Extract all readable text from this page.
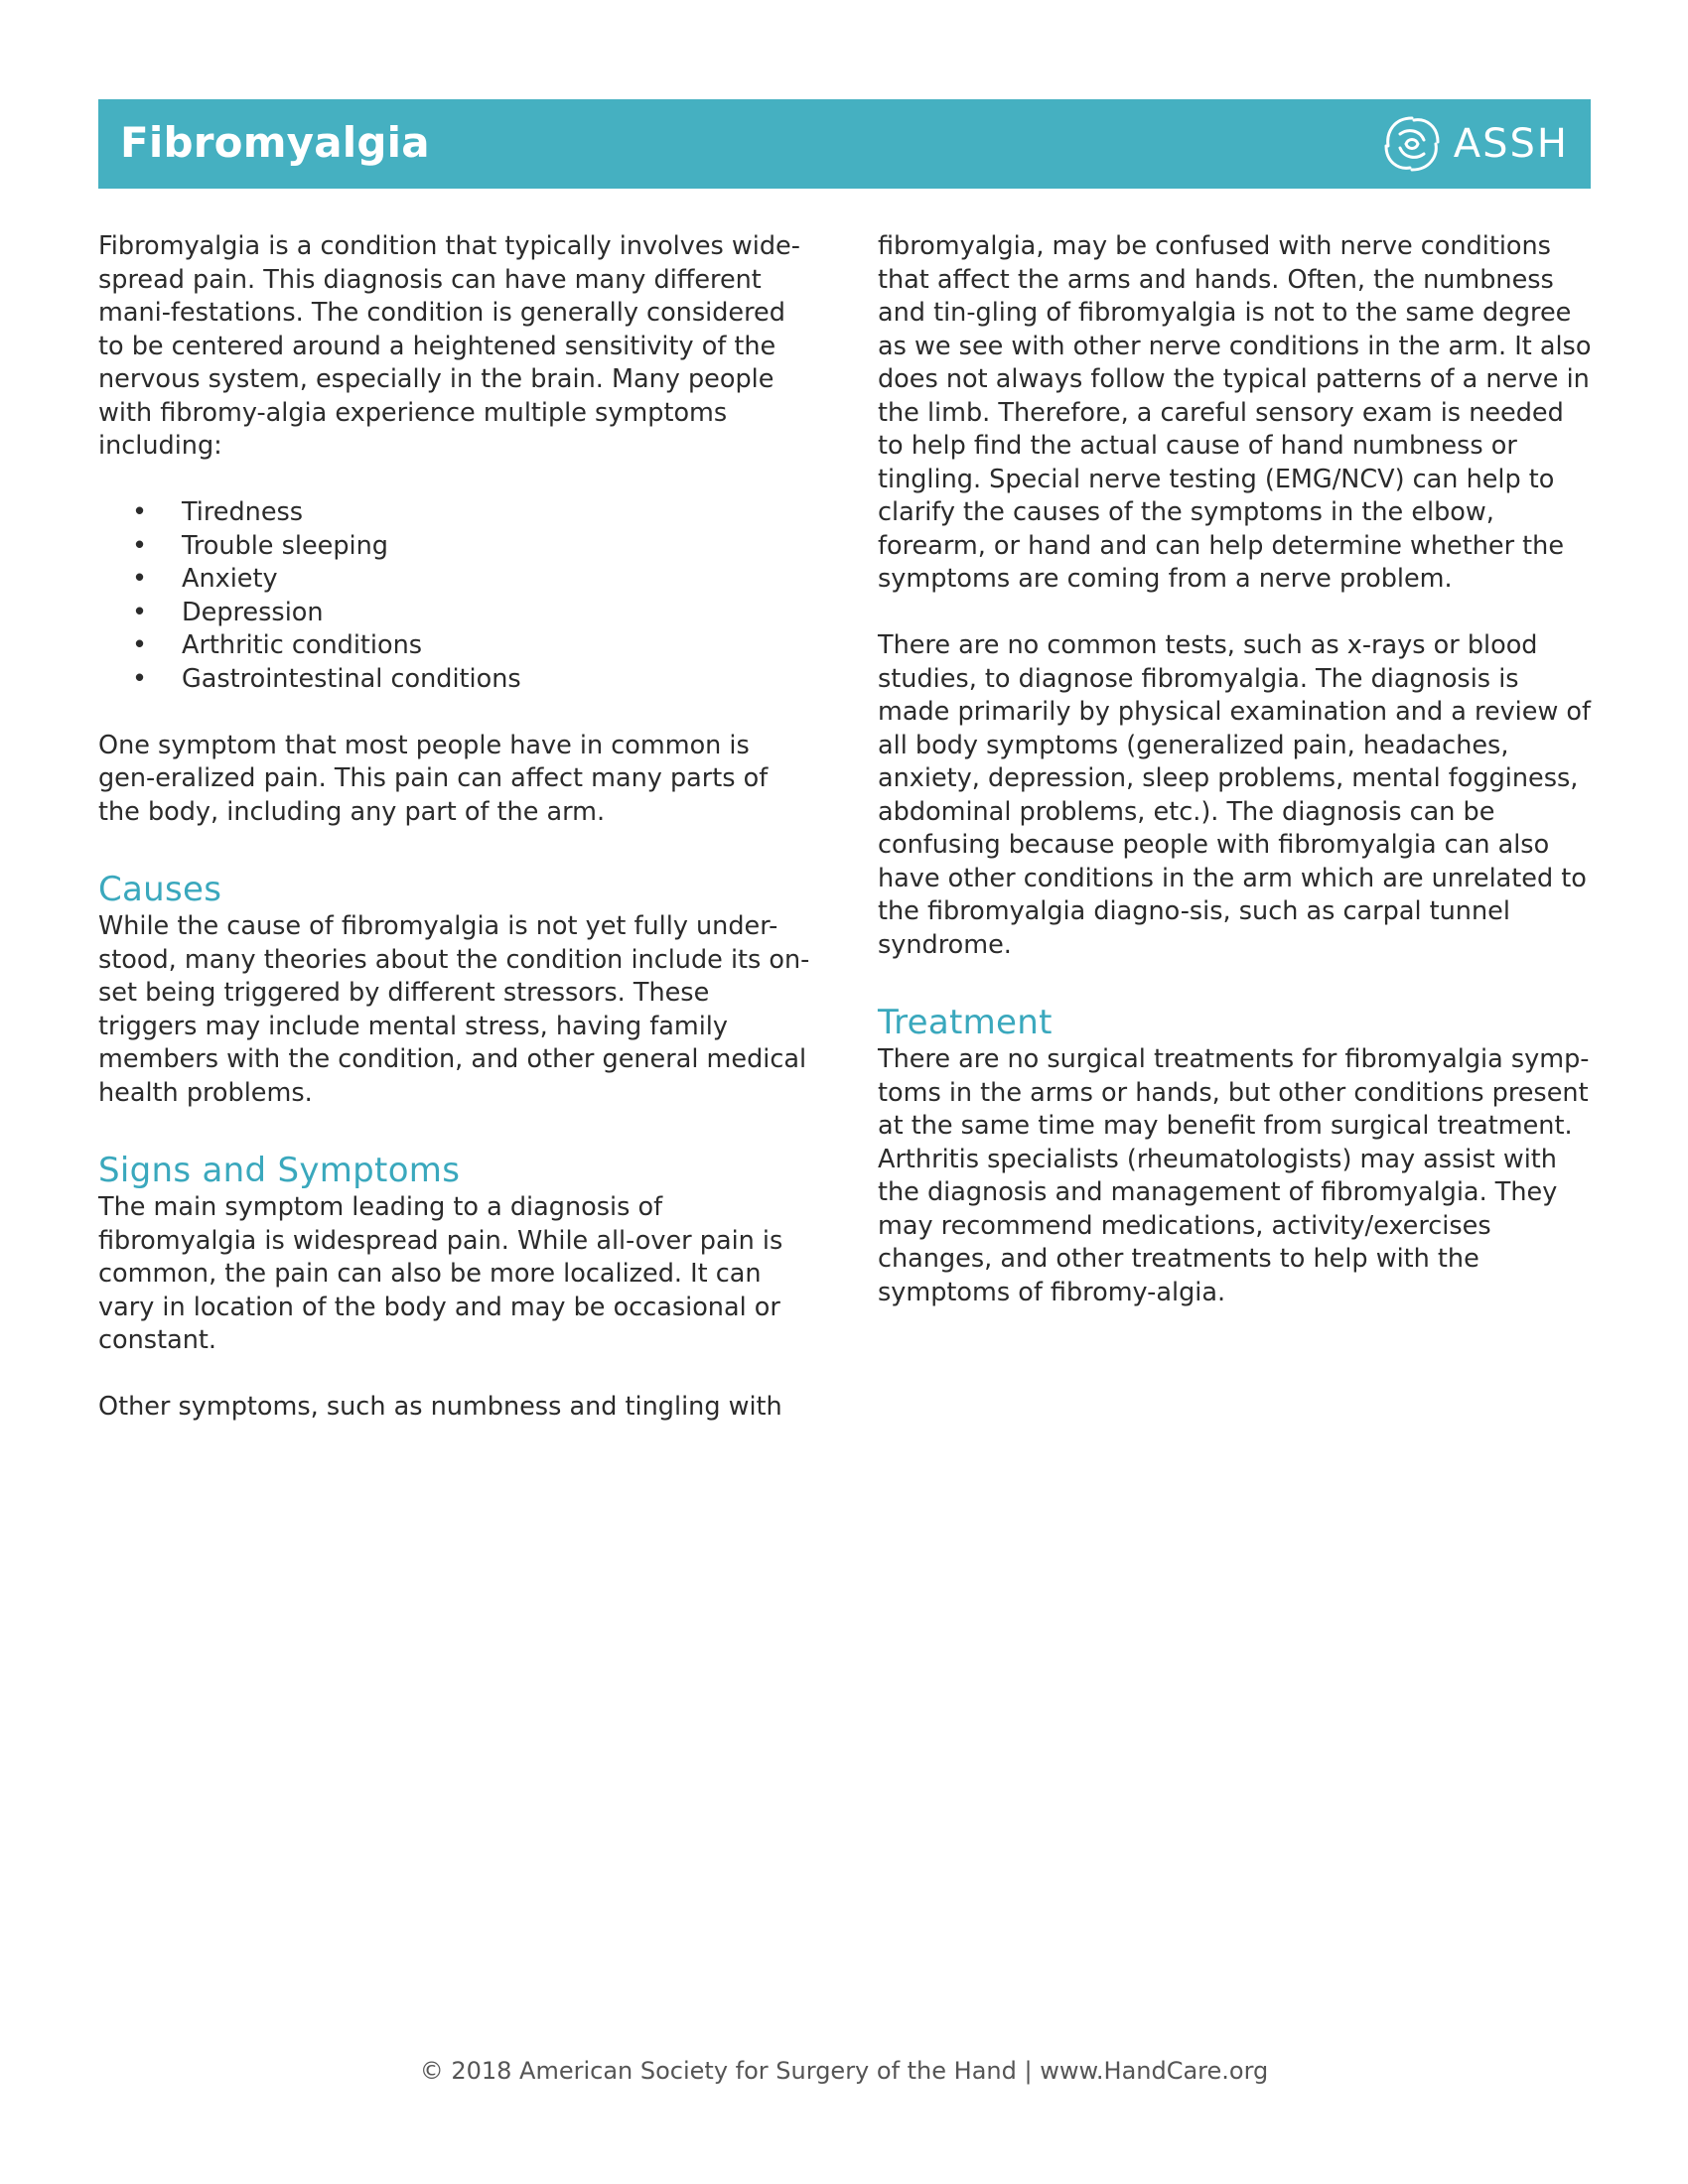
Fibromyalgia	ASSH

Fibromyalgia is a condition that typically involves wide-spread pain. This diagnosis can have many different mani-festations. The condition is generally considered to be centered around a heightened sensitivity of the nervous system, especially in the brain. Many people with fibromy-algia experience multiple symptoms including:

• Tiredness
• Trouble sleeping
• Anxiety
• Depression
• Arthritic conditions
• Gastrointestinal conditions

One symptom that most people have in common is gen-eralized pain. This pain can affect many parts of the body, including any part of the arm.

Causes

While the cause of fibromyalgia is not yet fully under-stood, many theories about the condition include its on-set being triggered by different stressors. These triggers may include mental stress, having family members with the condition, and other general medical health problems.

Signs and Symptoms

The main symptom leading to a diagnosis of fibromyalgia is widespread pain. While all-over pain is common, the pain can also be more localized. It can vary in location of the body and may be occasional or constant.

Other symptoms, such as numbness and tingling with

fibromyalgia, may be confused with nerve conditions that affect the arms and hands. Often, the numbness and tin-gling of fibromyalgia is not to the same degree as we see with other nerve conditions in the arm. It also does not always follow the typical patterns of a nerve in the limb. Therefore, a careful sensory exam is needed to help find the actual cause of hand numbness or tingling. Special nerve testing (EMG/NCV) can help to clarify the causes of the symptoms in the elbow, forearm, or hand and can help determine whether the symptoms are coming from a nerve problem.

There are no common tests, such as x-rays or blood studies, to diagnose fibromyalgia. The diagnosis is made primarily by physical examination and a review of all body symptoms (generalized pain, headaches, anxiety, depression, sleep problems, mental fogginess, abdominal problems, etc.). The diagnosis can be confusing because people with fibromyalgia can also have other conditions in the arm which are unrelated to the fibromyalgia diagno-sis, such as carpal tunnel syndrome.

Treatment

There are no surgical treatments for fibromyalgia symp-toms in the arms or hands, but other conditions present at the same time may benefit from surgical treatment. Arthritis specialists (rheumatologists) may assist with the diagnosis and management of fibromyalgia. They may recommend medications, activity/exercises changes, and other treatments to help with the symptoms of fibromy-algia.

© 2018 American Society for Surgery of the Hand | www.HandCare.org
